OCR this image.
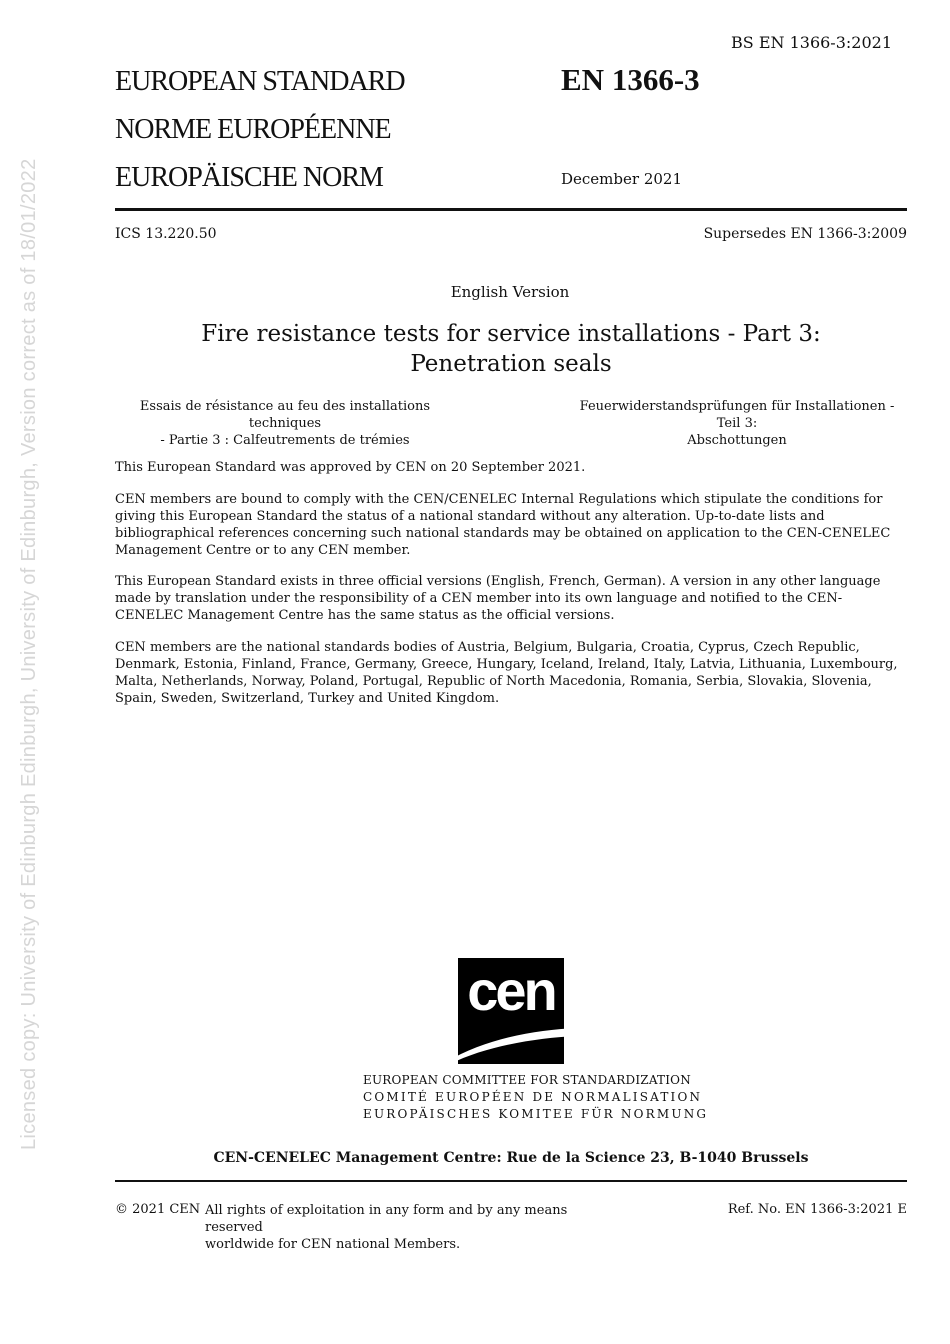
Licensed copy: University of Edinburgh Edinburgh, University of Edinburgh, Version correct as of 18/01/2022
BS EN 1366-3:2021
EUROPEAN STANDARD
NORME EUROPÉENNE
EUROPÄISCHE NORM
EN 1366-3
December 2021
ICS 13.220.50	Supersedes EN 1366-3:2009
English Version
Fire resistance tests for service installations - Part 3:
Penetration seals
Essais de résistance au feu des installations techniques
- Partie 3 : Calfeutrements de trémies
Feuerwiderstandsprüfungen für Installationen - Teil 3:
Abschottungen
This European Standard was approved by CEN on 20 September 2021.
CEN members are bound to comply with the CEN/CENELEC Internal Regulations which stipulate the conditions for giving this European Standard the status of a national standard without any alteration. Up-to-date lists and bibliographical references concerning such national standards may be obtained on application to the CEN-CENELEC Management Centre or to any CEN member.
This European Standard exists in three official versions (English, French, German). A version in any other language made by translation under the responsibility of a CEN member into its own language and notified to the CEN-CENELEC Management Centre has the same status as the official versions.
CEN members are the national standards bodies of Austria, Belgium, Bulgaria, Croatia, Cyprus, Czech Republic, Denmark, Estonia, Finland, France, Germany, Greece, Hungary, Iceland, Ireland, Italy, Latvia, Lithuania, Luxembourg, Malta, Netherlands, Norway, Poland, Portugal, Republic of North Macedonia, Romania, Serbia, Slovakia, Slovenia, Spain, Sweden, Switzerland, Turkey and United Kingdom.
cen
EUROPEAN COMMITTEE FOR STANDARDIZATION
COMITÉ EUROPÉEN DE NORMALISATION
EUROPÄISCHES KOMITEE FÜR NORMUNG
CEN-CENELEC Management Centre: Rue de la Science 23, B-1040 Brussels
© 2021 CEN All rights of exploitation in any form and by any means reserved
worldwide for CEN national Members.
Ref. No. EN 1366-3:2021 E
